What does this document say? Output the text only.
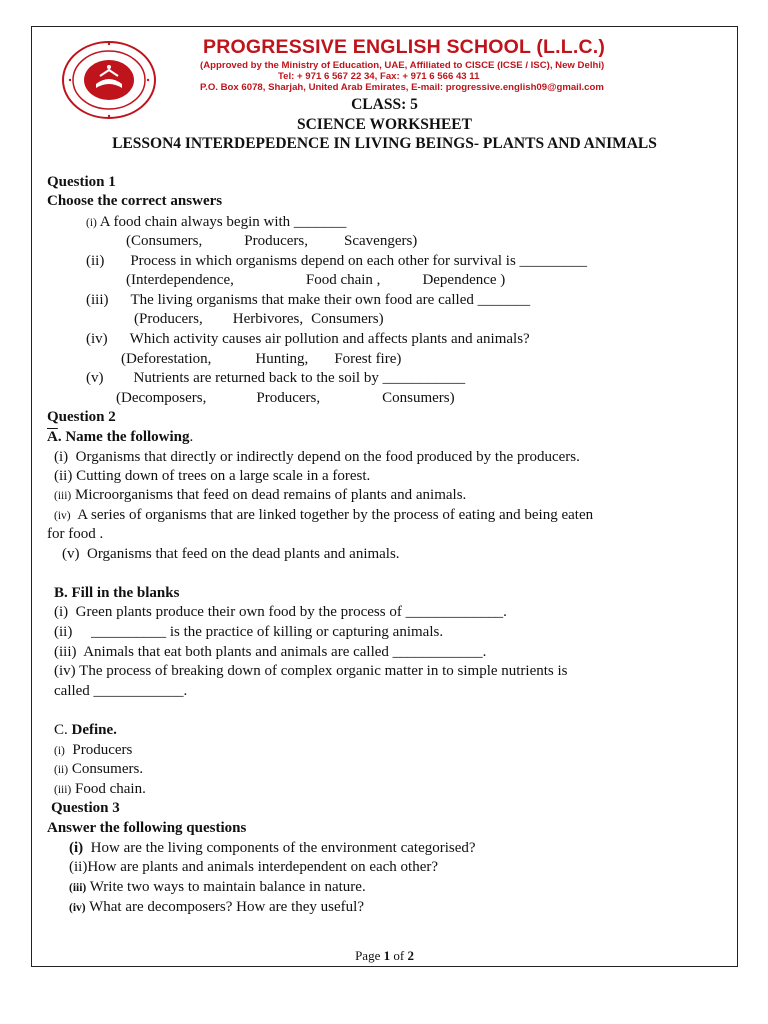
PROGRESSIVE ENGLISH SCHOOL (L.L.C.)
(Approved by the Ministry of Education, UAE, Affiliated to CISCE (ICSE / ISC), New Delhi)
Tel: + 971 6 567 22 34, Fax: + 971 6 566 43 11
P.O. Box 6078, Sharjah, United Arab Emirates, E-mail: progressive.english09@gmail.com
CLASS: 5
SCIENCE WORKSHEET
LESSON4 INTERDEPEDENCE IN LIVING BEINGS- PLANTS AND ANIMALS
Question 1
Choose the correct answers
(i) A food chain always begin with _______
(Consumers,	Producers, Scavengers)
(ii) Process in which organisms depend on each other for survival is _________
(Interdependence,	Food chain ,	Dependence )
(iii) The living organisms that make their own food are called _______
(Producers, Herbivores, Consumers)
(iv) Which activity causes air pollution and affects plants and animals?
(Deforestation,	Hunting, Forest fire)
(v) Nutrients are returned back to the soil by ___________
(Decomposers,	Producers,	Consumers)
Question 2
$\overline{A}$. Name the following.
(i) Organisms that directly or indirectly depend on the food produced by the producers.
(ii) Cutting down of trees on a large scale in a forest.
(iii) Microorganisms that feed on dead remains of plants and animals.
(iv) A series of organisms that are linked together by the process of eating and being eaten
for food .
(v) Organisms that feed on the dead plants and animals.
B. Fill in the blanks
(i) Green plants produce their own food by the process of _____________.
(ii) __________ is the practice of killing or capturing animals.
(iii) Animals that eat both plants and animals are called ____________.
(iv) The process of breaking down of complex organic matter in to simple nutrients is
called ____________.
C. Define.
(i) Producers
(ii) Consumers.
(iii) Food chain.
Question 3
Answer the following questions
(i) How are the living components of the environment categorised?
(ii)How are plants and animals interdependent on each other?
(iii) Write two ways to maintain balance in nature.
(iv) What are decomposers? How are they useful?
Page 1 of 2
